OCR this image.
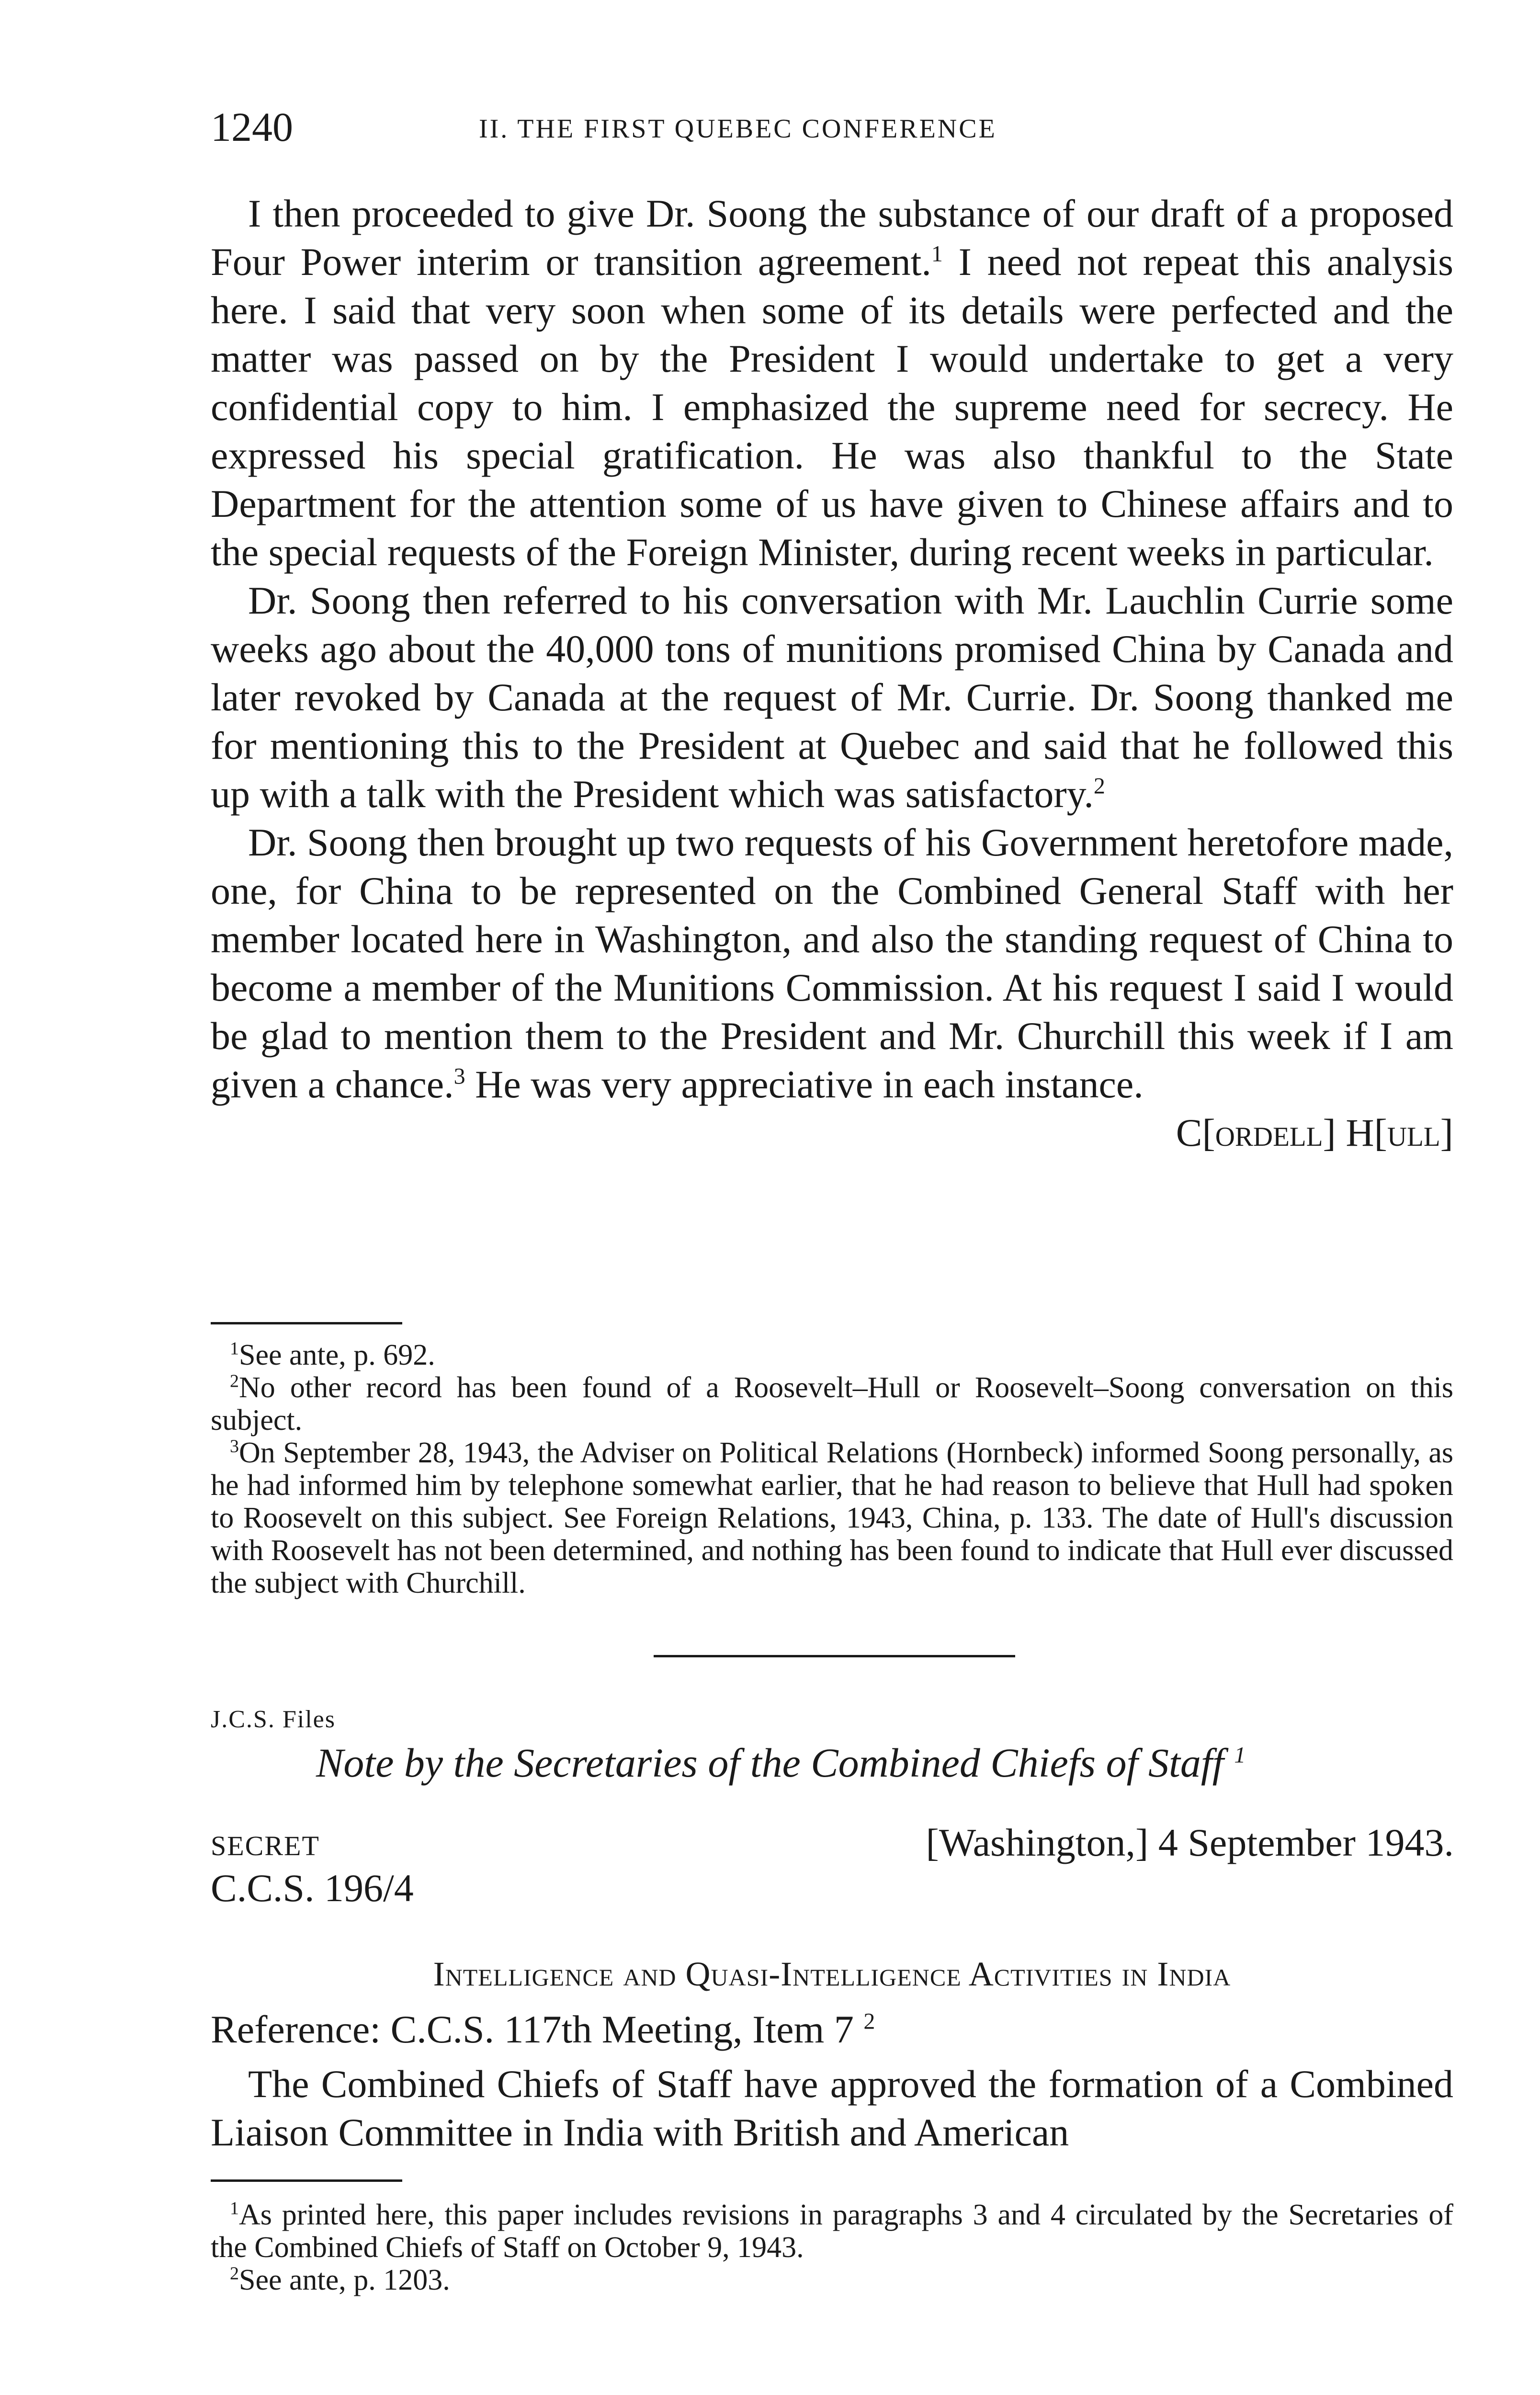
1240	II. THE FIRST QUEBEC CONFERENCE

I then proceeded to give Dr. Soong the substance of our draft of a proposed Four Power interim or transition agreement.$^1$ I need not repeat this analysis here. I said that very soon when some of its details were perfected and the matter was passed on by the President I would undertake to get a very confidential copy to him. I emphasized the supreme need for secrecy. He expressed his special gratification. He was also thankful to the State Department for the attention some of us have given to Chinese affairs and to the special requests of the Foreign Minister, during recent weeks in particular.

Dr. Soong then referred to his conversation with Mr. Lauchlin Currie some weeks ago about the 40,000 tons of munitions promised China by Canada and later revoked by Canada at the request of Mr. Currie. Dr. Soong thanked me for mentioning this to the President at Quebec and said that he followed this up with a talk with the President which was satisfactory.$^2$

Dr. Soong then brought up two requests of his Government heretofore made, one, for China to be represented on the Combined General Staff with her member located here in Washington, and also the standing request of China to become a member of the Munitions Commission. At his request I said I would be glad to mention them to the President and Mr. Churchill this week if I am given a chance.$^3$ He was very appreciative in each instance.

C[ordell] H[ull]

$^1$See ante, p. 692.

$^2$No other record has been found of a Roosevelt–Hull or Roosevelt–Soong conversation on this subject.

$^3$On September 28, 1943, the Adviser on Political Relations (Hornbeck) informed Soong personally, as he had informed him by telephone somewhat earlier, that he had reason to believe that Hull had spoken to Roosevelt on this subject. See Foreign Relations, 1943, China, p. 133. The date of Hull's discussion with Roosevelt has not been determined, and nothing has been found to indicate that Hull ever discussed the subject with Churchill.

J.C.S. Files
Note by the Secretaries of the Combined Chiefs of Staff $^1$
SECRET	[Washington,] 4 September 1943.
C.C.S. 196/4
Intelligence and Quasi-Intelligence Activities in India
Reference: C.C.S. 117th Meeting, Item 7 $^2$

The Combined Chiefs of Staff have approved the formation of a Combined Liaison Committee in India with British and American

$^1$As printed here, this paper includes revisions in paragraphs 3 and 4 circulated by the Secretaries of the Combined Chiefs of Staff on October 9, 1943.

$^2$See ante, p. 1203.
